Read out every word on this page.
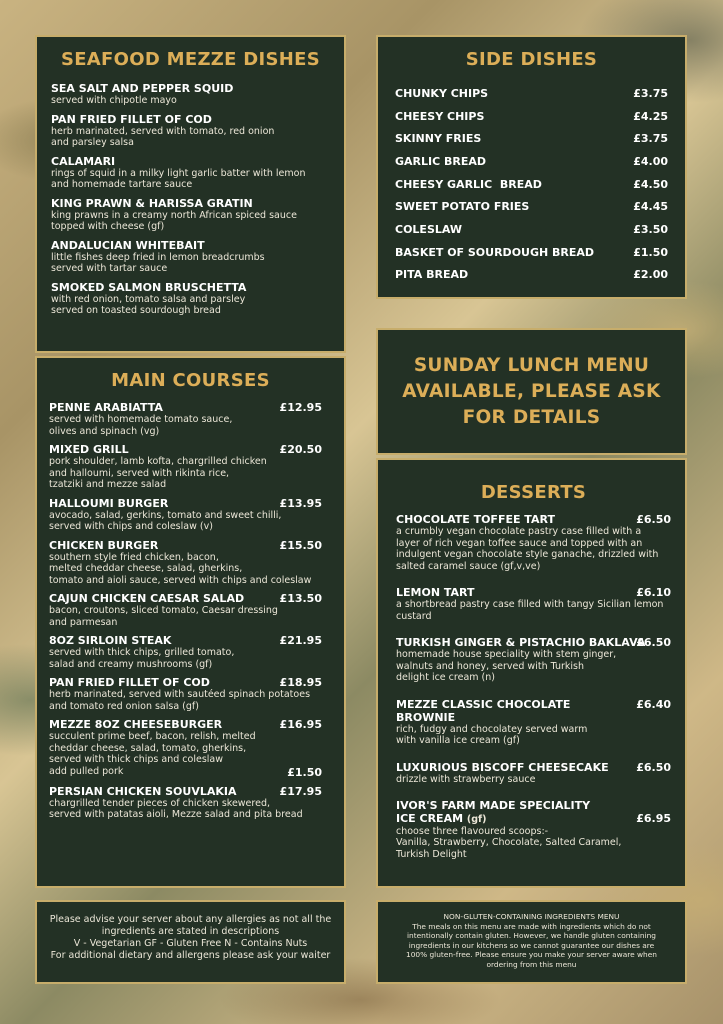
SEAFOOD MEZZE DISHES
SEA SALT AND PEPPER SQUID
served with chipotle mayo
PAN FRIED FILLET OF COD
herb marinated, served with tomato, red onion
and parsley salsa
CALAMARI
rings of squid in a milky light garlic batter with lemon
and homemade tartare sauce
KING PRAWN & HARISSA GRATIN
king prawns in a creamy north African spiced sauce
topped with cheese (gf)
ANDALUCIAN WHITEBAIT
little fishes deep fried in lemon breadcrumbs
served with tartar sauce
SMOKED SALMON BRUSCHETTA
with red onion, tomato salsa and parsley
served on toasted sourdough bread
SIDE DISHES
CHUNKY CHIPS	£3.75
CHEESY CHIPS	£4.25
SKINNY FRIES	£3.75
GARLIC BREAD	£4.00
CHEESY GARLIC  BREAD	£4.50
SWEET POTATO FRIES	£4.45
COLESLAW	£3.50
BASKET OF SOURDOUGH BREAD	£1.50
PITA BREAD	£2.00
SUNDAY LUNCH MENU
AVAILABLE, PLEASE ASK
FOR DETAILS
MAIN COURSES
PENNE ARABIATTA	£12.95
served with homemade tomato sauce,
olives and spinach (vg)
MIXED GRILL	£20.50
pork shoulder, lamb kofta, chargrilled chicken
and halloumi, served with rikinta rice,
tzatziki and mezze salad
HALLOUMI BURGER	£13.95
avocado, salad, gerkins, tomato and sweet chilli,
served with chips and coleslaw (v)
CHICKEN BURGER	£15.50
southern style fried chicken, bacon,
melted cheddar cheese, salad, gherkins,
tomato and aioli sauce, served with chips and coleslaw
CAJUN CHICKEN CAESAR SALAD	£13.50
bacon, croutons, sliced tomato, Caesar dressing
and parmesan
8OZ SIRLOIN STEAK	£21.95
served with thick chips, grilled tomato,
salad and creamy mushrooms (gf)
PAN FRIED FILLET OF COD	£18.95
herb marinated, served with sautéed spinach potatoes
and tomato red onion salsa (gf)
MEZZE 8OZ CHEESEBURGER	£16.95
succulent prime beef, bacon, relish, melted
cheddar cheese, salad, tomato, gherkins,
served with thick chips and coleslaw
add pulled pork	£1.50
PERSIAN CHICKEN SOUVLAKIA	£17.95
chargrilled tender pieces of chicken skewered,
served with patatas aioli, Mezze salad and pita bread
DESSERTS
CHOCOLATE TOFFEE TART	£6.50
a crumbly vegan chocolate pastry case filled with a
layer of rich vegan toffee sauce and topped with an
indulgent vegan chocolate style ganache, drizzled with
salted caramel sauce (gf,v,ve)
LEMON TART	£6.10
a shortbread pastry case filled with tangy Sicilian lemon
custard
TURKISH GINGER & PISTACHIO BAKLAVA
£6.50
homemade house speciality with stem ginger,
walnuts and honey, served with Turkish
delight ice cream (n)
MEZZE CLASSIC CHOCOLATE BROWNIE
£6.40
rich, fudgy and chocolatey served warm
with vanilla ice cream (gf)
LUXURIOUS BISCOFF CHEESECAKE	£6.50
drizzle with strawberry sauce
IVOR'S FARM MADE SPECIALITY
ICE CREAM (gf)	£6.95
choose three flavoured scoops:-
Vanilla, Strawberry, Chocolate, Salted Caramel,
Turkish Delight
Please advise your server about any allergies as not all the
ingredients are stated in descriptions
V - Vegetarian GF - Gluten Free N - Contains Nuts
For additional dietary and allergens please ask your waiter
NON-GLUTEN-CONTAINING INGREDIENTS MENU
The meals on this menu are made with ingredients which do not
intentionally contain gluten. However, we handle gluten containing
ingredients in our kitchens so we cannot guarantee our dishes are
100% gluten-free. Please ensure you make your server aware when
ordering from this menu
